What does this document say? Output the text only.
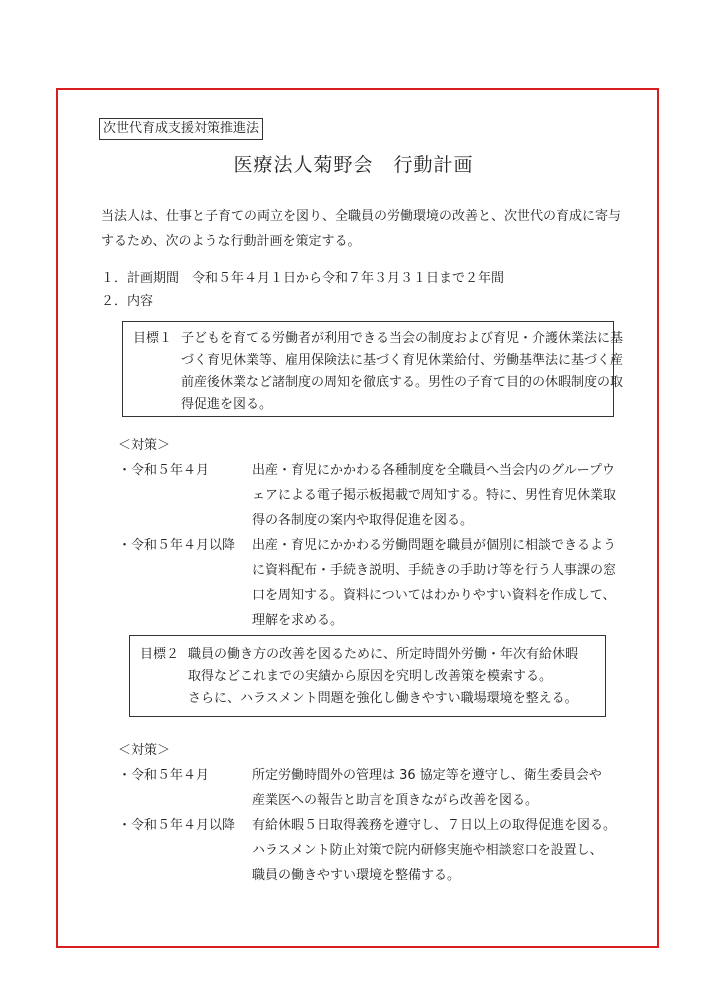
次世代育成支援対策推進法
医療法人菊野会　行動計画
当法人は、仕事と子育ての両立を図り、全職員の労働環境の改善と、次世代の育成に寄与
するため、次のような行動計画を策定する。
１．計画期間　令和５年４月１日から令和７年３月３１日まで２年間
２．内容
目標１ 子どもを育てる労働者が利用できる当会の制度および育児・介護休業法に基
づく育児休業等、雇用保険法に基づく育児休業給付、労働基準法に基づく産
前産後休業など諸制度の周知を徹底する。男性の子育て目的の休暇制度の取
得促進を図る。
＜対策＞
・令和５年４月	出産・育児にかかわる各種制度を全職員へ当会内のグループウ
ェアによる電子掲示板掲載で周知する。特に、男性育児休業取
得の各制度の案内や取得促進を図る。
・令和５年４月以降 出産・育児にかかわる労働問題を職員が個別に相談できるよう
に資料配布・手続き説明、手続きの手助け等を行う人事課の窓
口を周知する。資料についてはわかりやすい資料を作成して、
理解を求める。
目標２ 職員の働き方の改善を図るために、所定時間外労働・年次有給休暇
取得などこれまでの実績から原因を究明し改善策を模索する。
さらに、ハラスメント問題を強化し働きやすい職場環境を整える。
＜対策＞
・令和５年４月	所定労働時間外の管理は 36 協定等を遵守し、衛生委員会や
産業医への報告と助言を頂きながら改善を図る。
・令和５年４月以降 有給休暇５日取得義務を遵守し、７日以上の取得促進を図る。
ハラスメント防止対策で院内研修実施や相談窓口を設置し、
職員の働きやすい環境を整備する。
